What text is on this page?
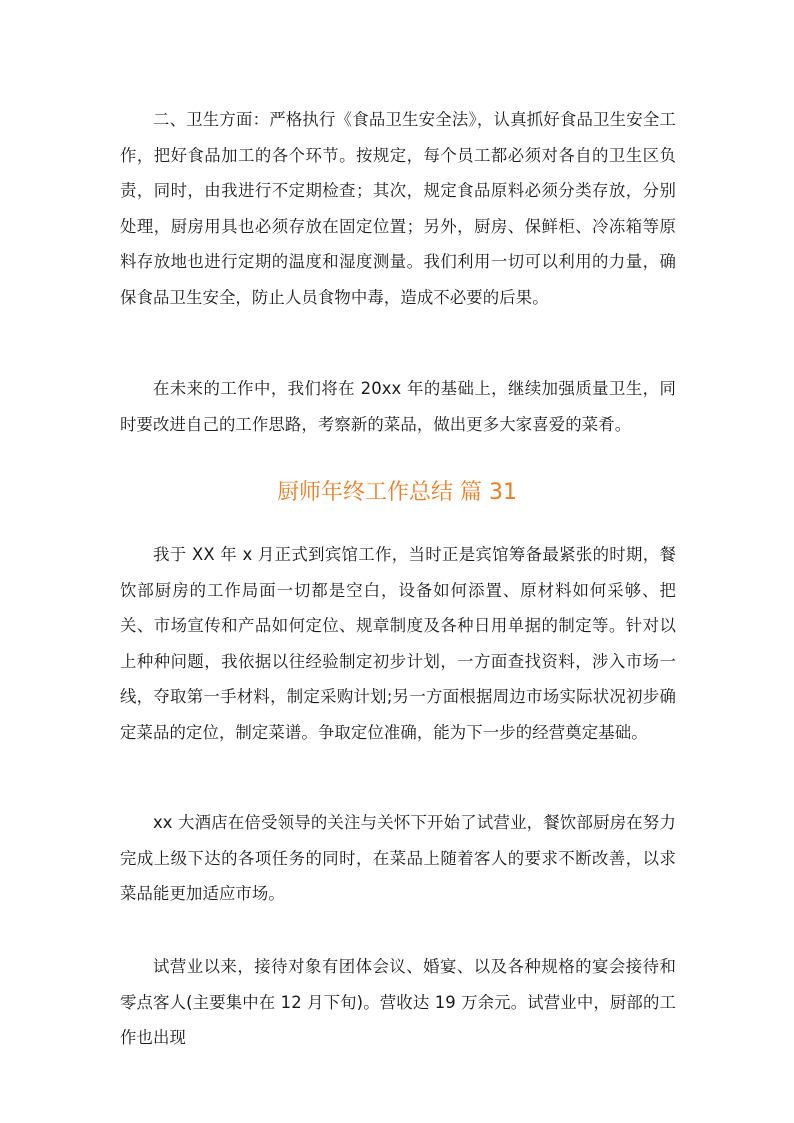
二、卫生方面：严格执行《食品卫生安全法》，认真抓好食品卫生安全工作，把好食品加工的各个环节。按规定，每个员工都必须对各自的卫生区负责，同时，由我进行不定期检查；其次，规定食品原料必须分类存放，分别处理，厨房用具也必须存放在固定位置；另外，厨房、保鲜柜、冷冻箱等原料存放地也进行定期的温度和湿度测量。我们利用一切可以利用的力量，确保食品卫生安全，防止人员食物中毒，造成不必要的后果。

在未来的工作中，我们将在 20xx 年的基础上，继续加强质量卫生，同时要改进自己的工作思路，考察新的菜品，做出更多大家喜爱的菜肴。

厨师年终工作总结 篇 31

我于 XX 年 x 月正式到宾馆工作，当时正是宾馆筹备最紧张的时期，餐饮部厨房的工作局面一切都是空白，设备如何添置、原材料如何采够、把关、市场宣传和产品如何定位、规章制度及各种日用单据的制定等。针对以上种种问题，我依据以往经验制定初步计划，一方面查找资料，涉入市场一线，夺取第一手材料，制定采购计划;另一方面根据周边市场实际状况初步确定菜品的定位，制定菜谱。争取定位准确，能为下一步的经营奠定基础。

xx 大酒店在倍受领导的关注与关怀下开始了试营业，餐饮部厨房在努力完成上级下达的各项任务的同时，在菜品上随着客人的要求不断改善，以求菜品能更加适应市场。

试营业以来，接待对象有团体会议、婚宴、以及各种规格的宴会接待和零点客人(主要集中在 12 月下旬)。营收达 19 万余元。试营业中，厨部的工作也出现
